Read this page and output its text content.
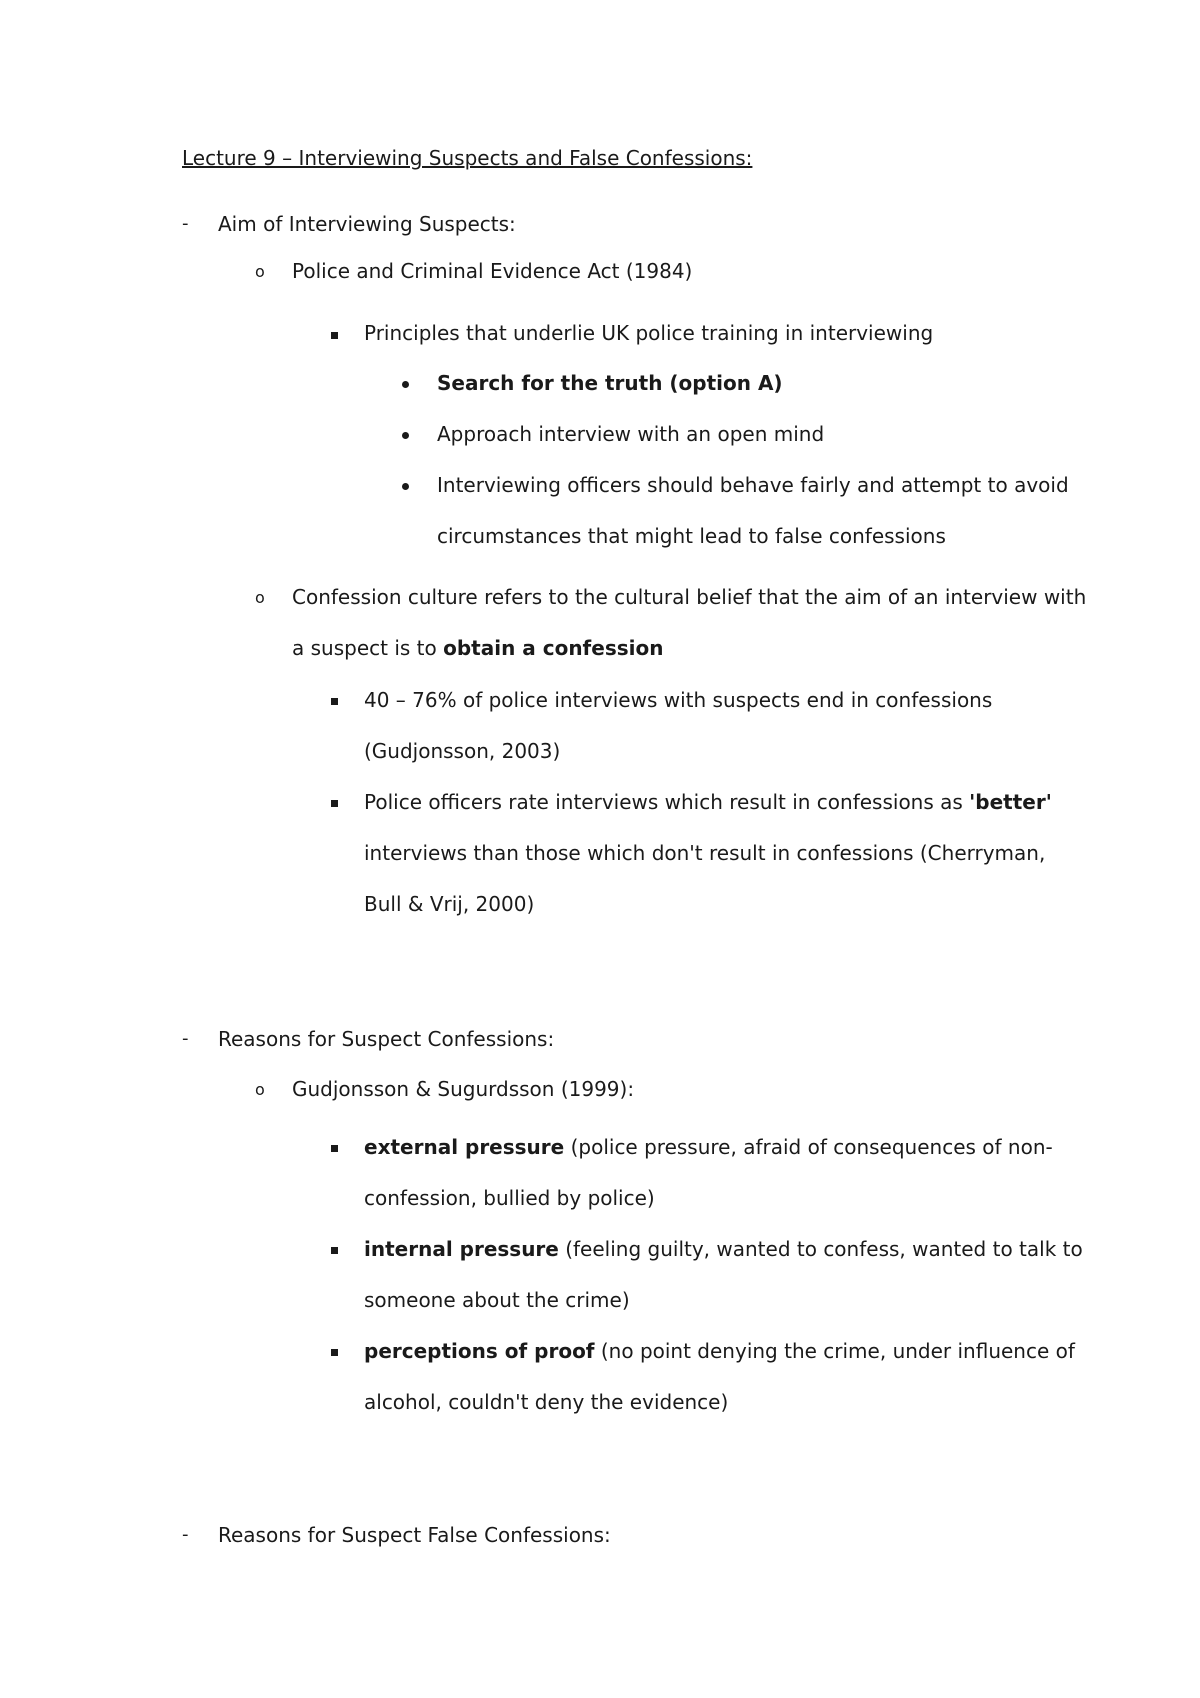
Lecture 9 – Interviewing Suspects and False Confessions:
- Aim of Interviewing Suspects:
o Police and Criminal Evidence Act (1984)
Principles that underlie UK police training in interviewing
Search for the truth (option A)
Approach interview with an open mind
Interviewing officers should behave fairly and attempt to avoid
circumstances that might lead to false confessions
o Confession culture refers to the cultural belief that the aim of an interview with
a suspect is to obtain a confession
40 – 76% of police interviews with suspects end in confessions
(Gudjonsson, 2003)
Police officers rate interviews which result in confessions as 'better'
interviews than those which don't result in confessions (Cherryman,
Bull & Vrij, 2000)
- Reasons for Suspect Confessions:
o Gudjonsson & Sugurdsson (1999):
external pressure (police pressure, afraid of consequences of non-
confession, bullied by police)
internal pressure (feeling guilty, wanted to confess, wanted to talk to
someone about the crime)
perceptions of proof (no point denying the crime, under influence of
alcohol, couldn't deny the evidence)
- Reasons for Suspect False Confessions:
